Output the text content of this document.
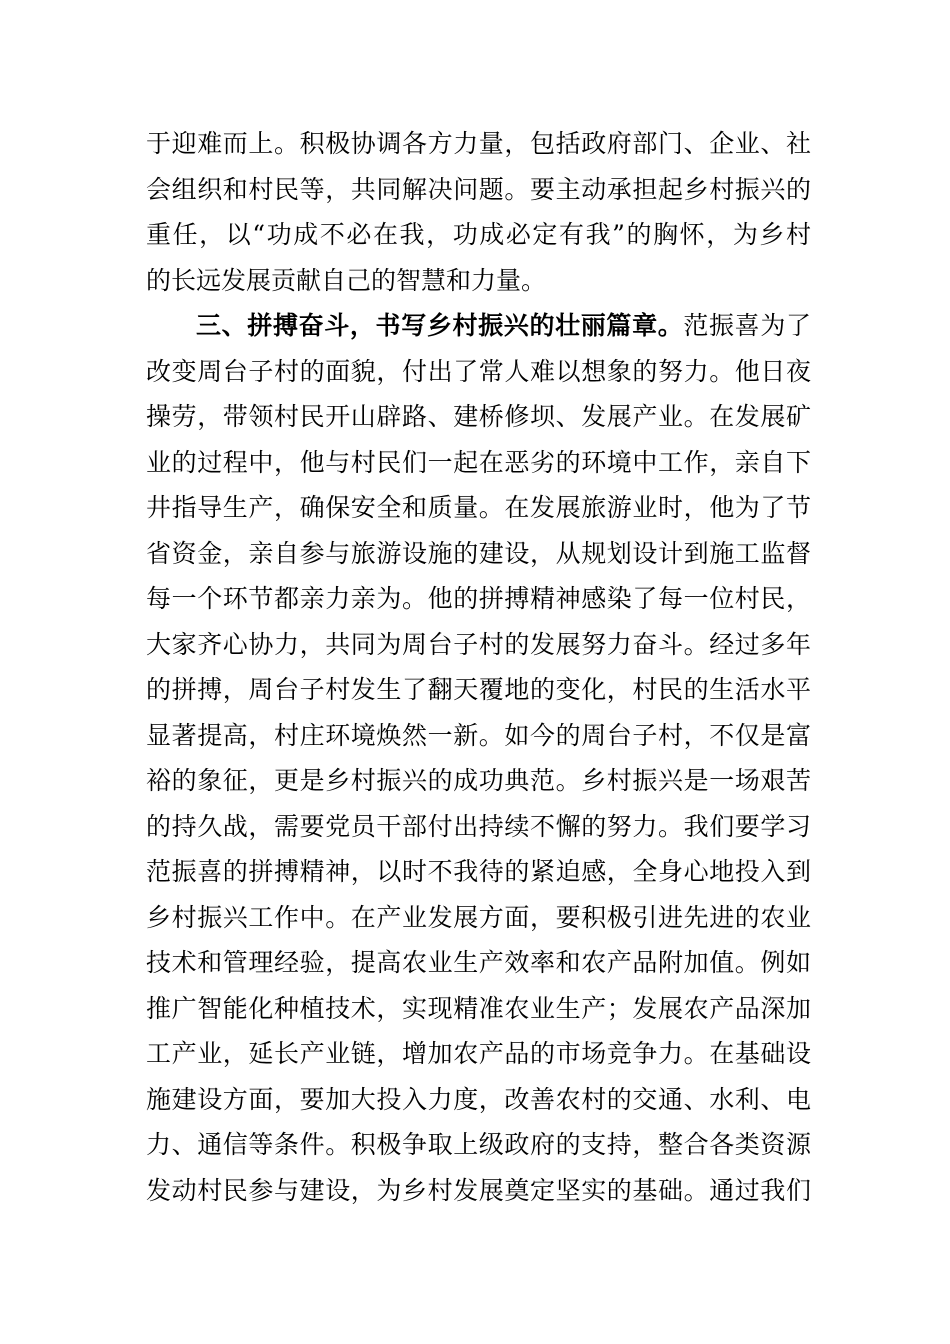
于迎难而上。积极协调各方力量，包括政府部门、企业、社
会组织和村民等，共同解决问题。要主动承担起乡村振兴的
重任，以“功成不必在我，功成必定有我”的胸怀，为乡村
的长远发展贡献自己的智慧和力量。
三、拼搏奋斗，书写乡村振兴的壮丽篇章。范振喜为了
改变周台子村的面貌，付出了常人难以想象的努力。他日夜
操劳，带领村民开山辟路、建桥修坝、发展产业。在发展矿
业的过程中，他与村民们一起在恶劣的环境中工作，亲自下
井指导生产，确保安全和质量。在发展旅游业时，他为了节
省资金，亲自参与旅游设施的建设，从规划设计到施工监督
每一个环节都亲力亲为。他的拼搏精神感染了每一位村民，
大家齐心协力，共同为周台子村的发展努力奋斗。经过多年
的拼搏，周台子村发生了翻天覆地的变化，村民的生活水平
显著提高，村庄环境焕然一新。如今的周台子村，不仅是富
裕的象征，更是乡村振兴的成功典范。乡村振兴是一场艰苦
的持久战，需要党员干部付出持续不懈的努力。我们要学习
范振喜的拼搏精神，以时不我待的紧迫感，全身心地投入到
乡村振兴工作中。在产业发展方面，要积极引进先进的农业
技术和管理经验，提高农业生产效率和农产品附加值。例如
推广智能化种植技术，实现精准农业生产；发展农产品深加
工产业，延长产业链，增加农产品的市场竞争力。在基础设
施建设方面，要加大投入力度，改善农村的交通、水利、电
力、通信等条件。积极争取上级政府的支持，整合各类资源
发动村民参与建设，为乡村发展奠定坚实的基础。通过我们
